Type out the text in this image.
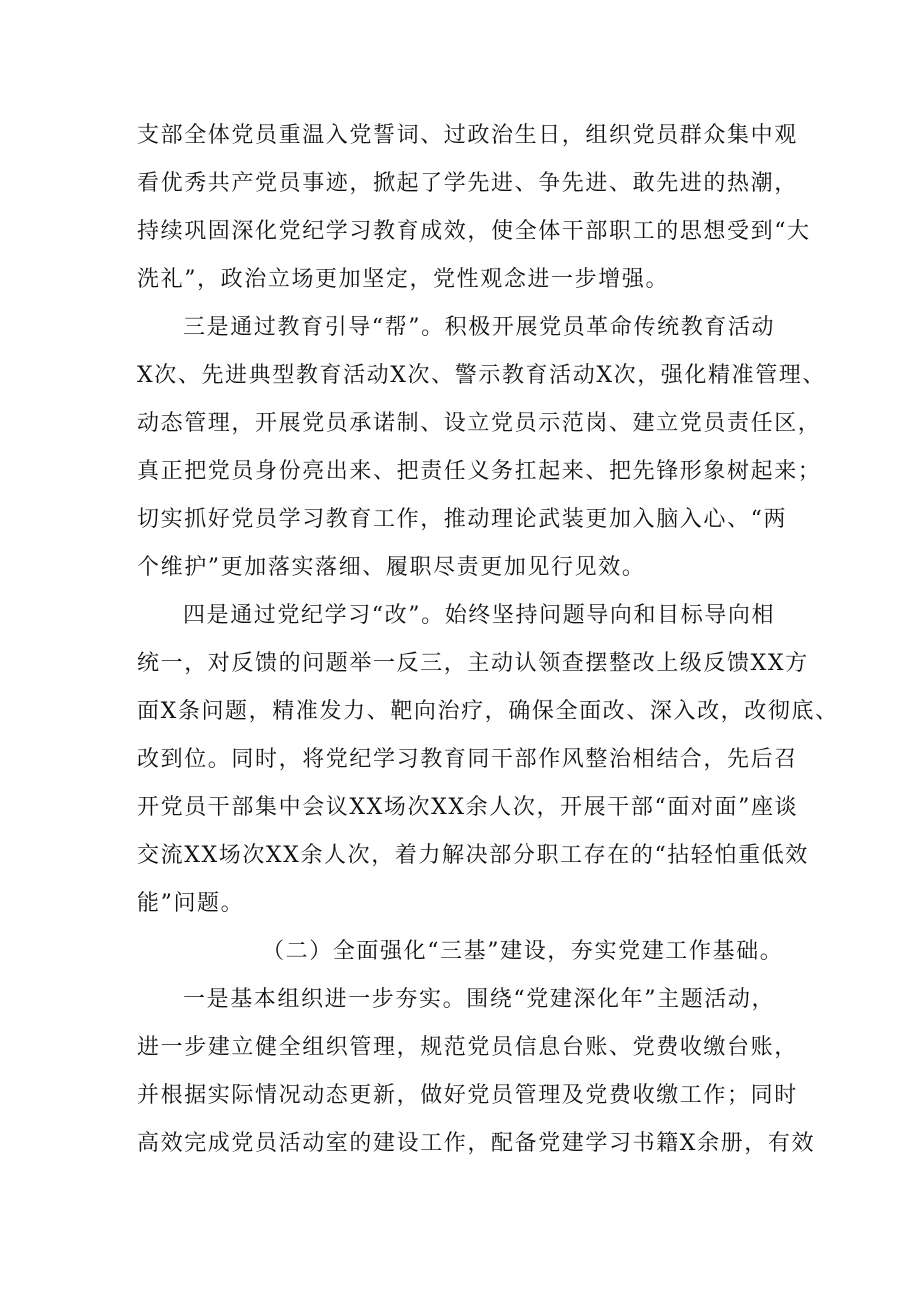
支部全体党员重温入党誓词、过政治生日，组织党员群众集中观
看优秀共产党员事迹，掀起了学先进、争先进、敢先进的热潮，
持续巩固深化党纪学习教育成效，使全体干部职工的思想受到“大
洗礼”，政治立场更加坚定，党性观念进一步增强。
三是通过教育引导“帮”。积极开展党员革命传统教育活动
X次、先进典型教育活动X次、警示教育活动X次，强化精准管理、
动态管理，开展党员承诺制、设立党员示范岗、建立党员责任区，
真正把党员身份亮出来、把责任义务扛起来、把先锋形象树起来；
切实抓好党员学习教育工作，推动理论武装更加入脑入心、“两
个维护”更加落实落细、履职尽责更加见行见效。
四是通过党纪学习“改”。始终坚持问题导向和目标导向相
统一，对反馈的问题举一反三，主动认领查摆整改上级反馈XX方
面X条问题，精准发力、靶向治疗，确保全面改、深入改，改彻底、
改到位。同时，将党纪学习教育同干部作风整治相结合，先后召
开党员干部集中会议XX场次XX余人次，开展干部“面对面”座谈
交流XX场次XX余人次，着力解决部分职工存在的“拈轻怕重低效
能”问题。
（二）全面强化“三基”建设，夯实党建工作基础。
一是基本组织进一步夯实。围绕“党建深化年”主题活动，
进一步建立健全组织管理，规范党员信息台账、党费收缴台账，
并根据实际情况动态更新，做好党员管理及党费收缴工作；同时
高效完成党员活动室的建设工作，配备党建学习书籍X余册，有效
